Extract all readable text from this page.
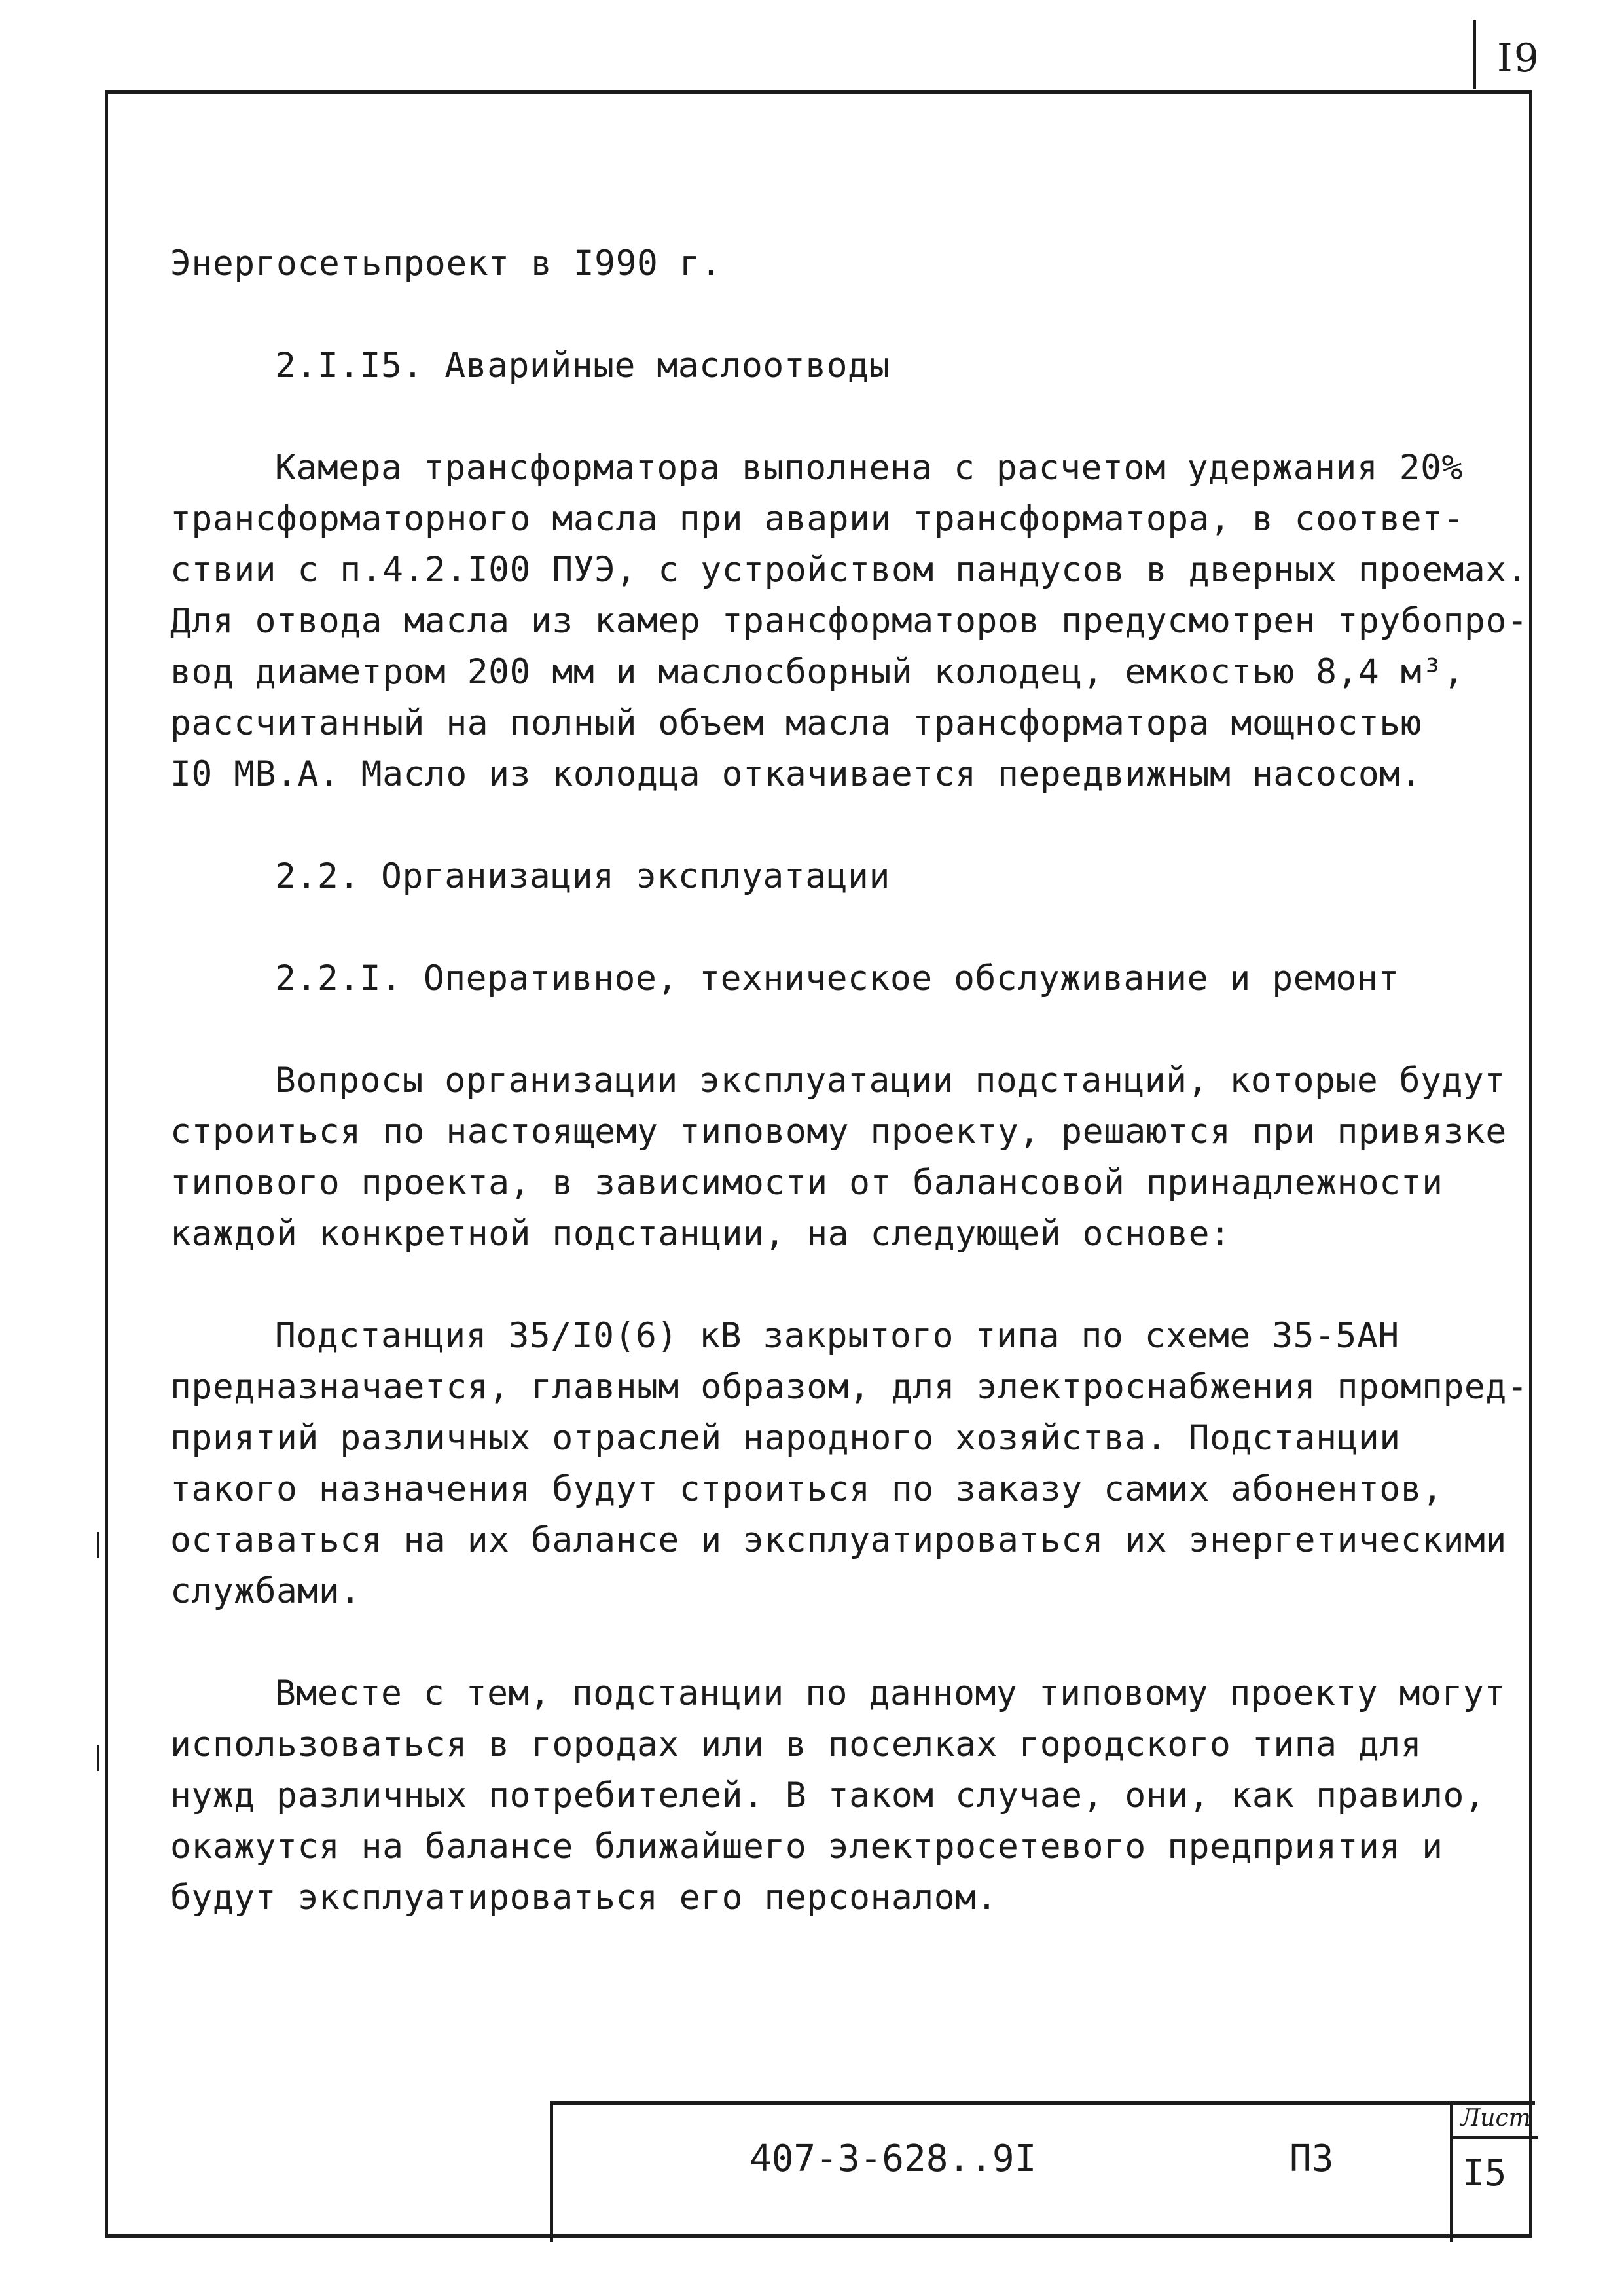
I9

Энергосетьпроект в I990 г.

2.I.I5. Аварийные маслоотводы

Камера трансформатора выполнена с расчетом удержания 20%

трансформаторного масла при аварии трансформатора, в соответ-

ствии с п.4.2.I00 ПУЭ, с устройством пандусов в дверных проемах.

Для отвода масла из камер трансформаторов предусмотрен трубопро-

вод диаметром 200 мм и маслосборный колодец, емкостью 8,4 м³,

рассчитанный на полный объем масла трансформатора мощностью

I0 МВ.А. Масло из колодца откачивается передвижным насосом.

2.2. Организация эксплуатации

2.2.I. Оперативное, техническое обслуживание и ремонт

Вопросы организации эксплуатации подстанций, которые будут

строиться по настоящему типовому проекту, решаются при привязке

типового проекта, в зависимости от балансовой принадлежности

каждой конкретной подстанции, на следующей основе:

Подстанция 35/I0(6) кВ закрытого типа по схеме 35-5АН

предназначается, главным образом, для электроснабжения промпред-

приятий различных отраслей народного хозяйства. Подстанции

такого назначения будут строиться по заказу самих абонентов,

оставаться на их балансе и эксплуатироваться их энергетическими

службами.

Вместе с тем, подстанции по данному типовому проекту могут

использоваться в городах или в поселках городского типа для

нужд различных потребителей. В таком случае, они, как правило,

окажутся на балансе ближайшего электросетевого предприятия и

будут эксплуатироваться его персоналом.

407-3-628..9I	ПЗ
Лист
I5
